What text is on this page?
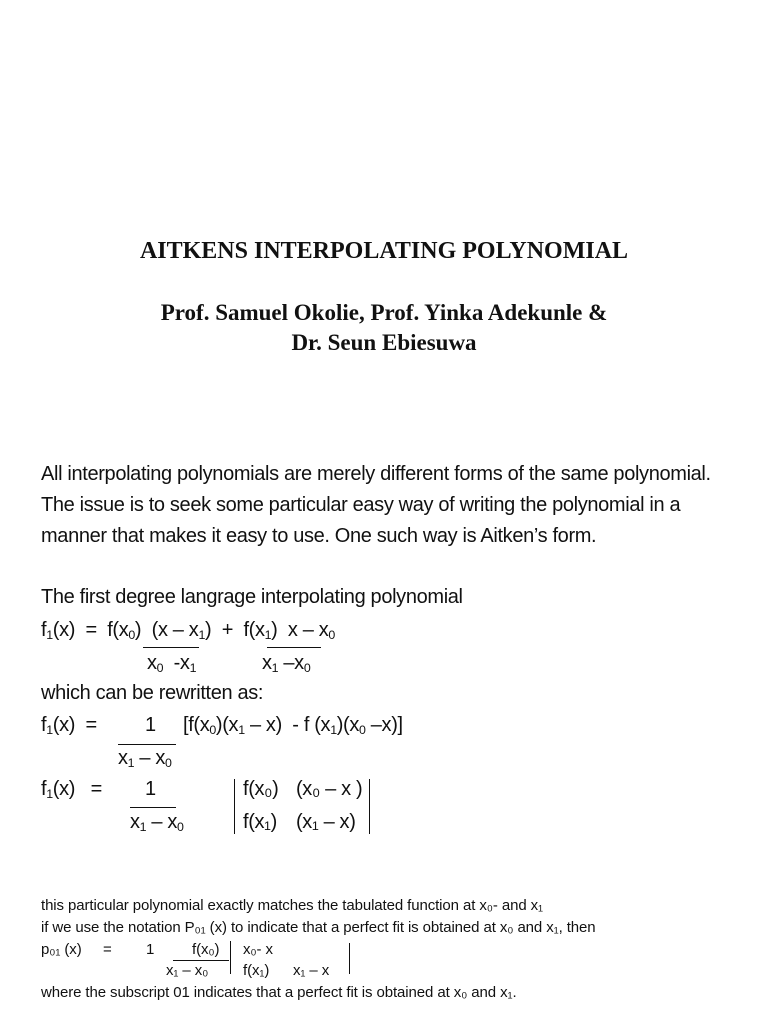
AITKENS INTERPOLATING POLYNOMIAL
Prof. Samuel Okolie, Prof. Yinka Adekunle &
Dr. Seun Ebiesuwa
All interpolating polynomials are merely different forms of the same polynomial. The issue is to seek some particular easy way of writing the polynomial in a manner that makes it easy to use. One such way is Aitken’s form.
The first degree langrage interpolating polynomial
$f_1(x) = f(x_0)$  $(x - x_1) + f(x_1)$  x – $x_0$
$x_0$  $-x_1$	$x_1$ $-x_0$
which can be rewritten as:
$f_1(x) = 1$ [$f(x_0)(x_1 - x)$  - f $(x_1)(x_0$ –x)]
$x_1 - x_0$
$f_1(x) = 1$
$x_1 - x_0$
f(x₀) (x₀ – x )
f(x₁) (x₁ – x)
this particular polynomial exactly matches the tabulated function at x₀- and x₁
if we use the notation P₀₁ (x) to indicate that a perfect fit is obtained at x₀ and x₁, then
p₀₁ (x) = 1	f(x₀) x₀- x
x₁ – x₀ f(x₁) x₁ – x
where the subscript 01 indicates that a perfect fit is obtained at x₀ and x₁.
